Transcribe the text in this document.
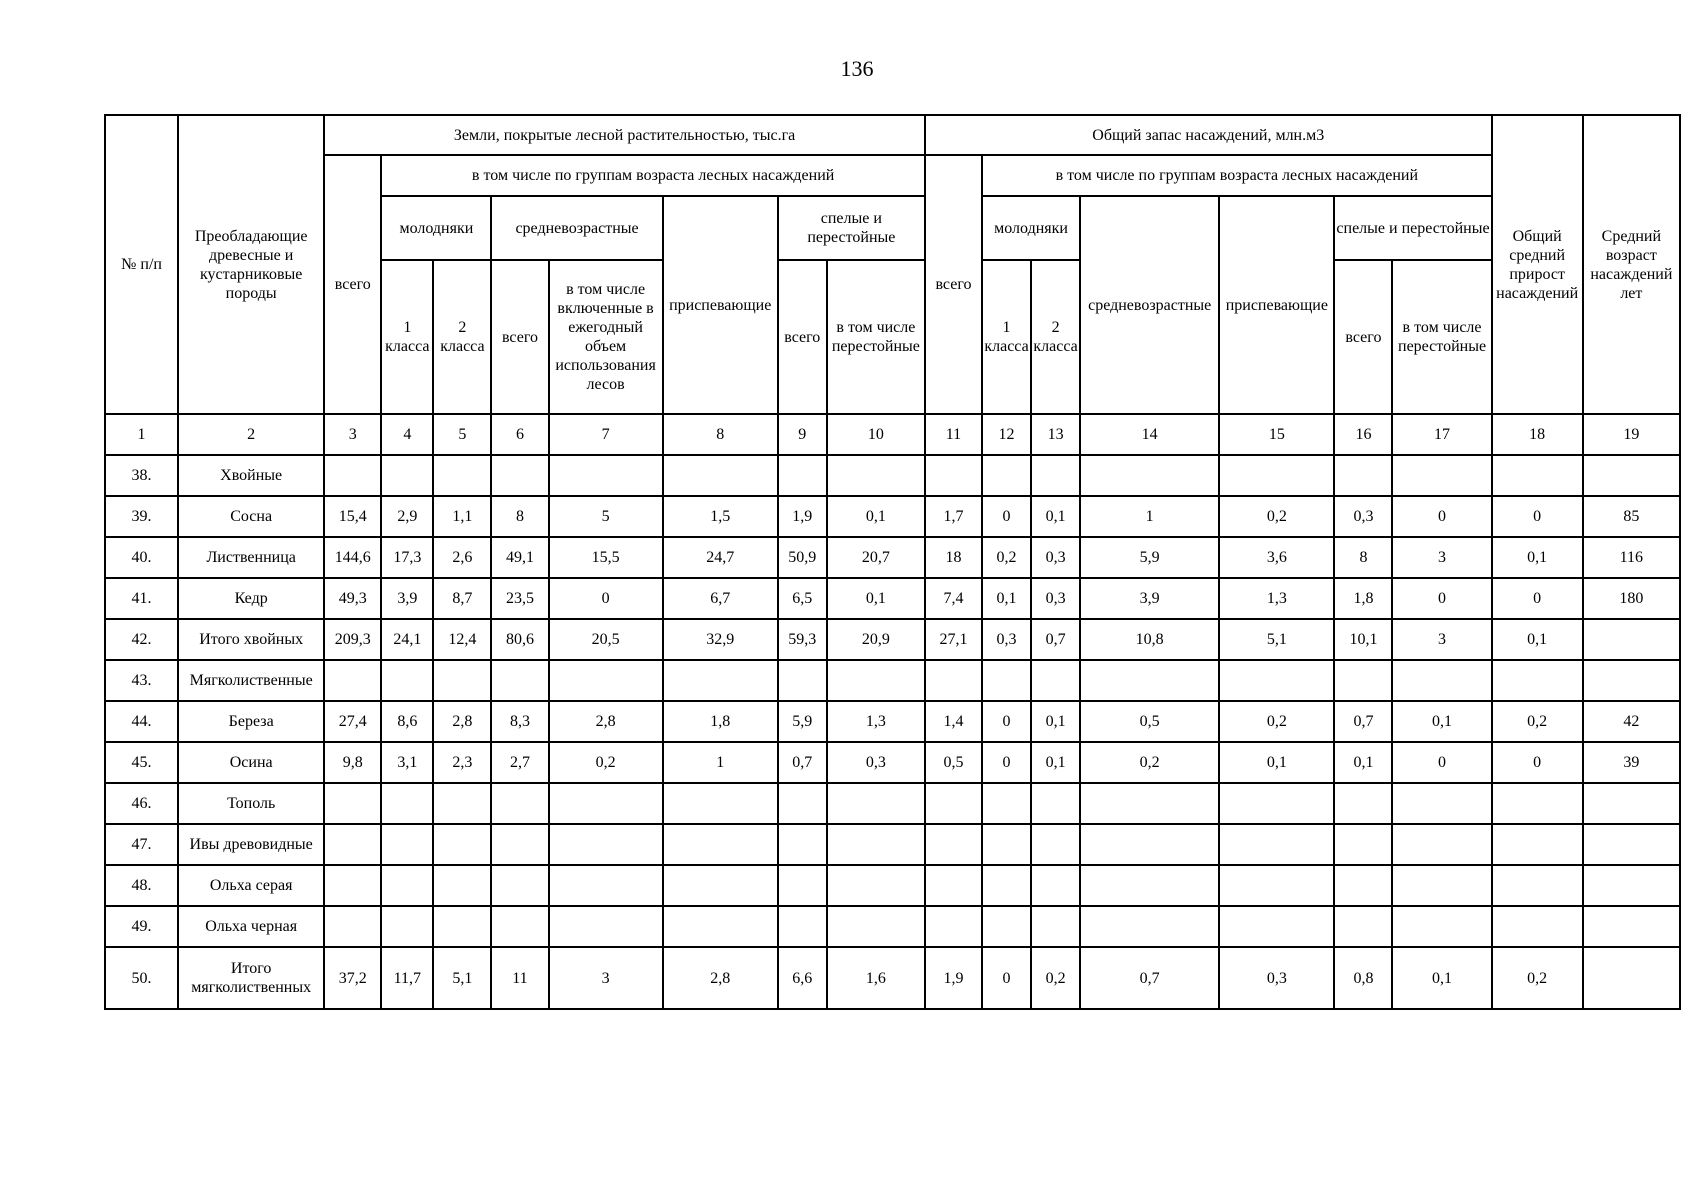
136
№ п/п	Преобладающие древесные и кустарниковые породы	Земли, покрытые лесной растительностью, тыс.га								Общий запас насаждений, млн.м3							Общий средний прирост насаждений	Средний возраст насаждений лет
		всего	в том числе по группам возраста лесных насаждений							всего	в том числе по группам возраста лесных насаждений							
			молодняки		средневозрастные		приспевающие	спелые и перестойные			молодняки		средневозрастные	приспевающие	спелые и перестойные			
			1 класса	2 класса	всего	в том числе включенные в ежегодный объем использования лесов		всего	в том числе перестойные		1 класса	2 класса			всего	в том числе перестойные		
1	2	3	4	5	6	7	8	9	10	11	12	13	14	15	16	17	18	19
38.	Хвойные																	
39.	Сосна	15,4	2,9	1,1	8	5	1,5	1,9	0,1	1,7	0	0,1	1	0,2	0,3	0	0	85
40.	Лиственница	144,6	17,3	2,6	49,1	15,5	24,7	50,9	20,7	18	0,2	0,3	5,9	3,6	8	3	0,1	116
41.	Кедр	49,3	3,9	8,7	23,5	0	6,7	6,5	0,1	7,4	0,1	0,3	3,9	1,3	1,8	0	0	180
42.	Итого хвойных	209,3	24,1	12,4	80,6	20,5	32,9	59,3	20,9	27,1	0,3	0,7	10,8	5,1	10,1	3	0,1	
43.	Мягколиственные																	
44.	Береза	27,4	8,6	2,8	8,3	2,8	1,8	5,9	1,3	1,4	0	0,1	0,5	0,2	0,7	0,1	0,2	42
45.	Осина	9,8	3,1	2,3	2,7	0,2	1	0,7	0,3	0,5	0	0,1	0,2	0,1	0,1	0	0	39
46.	Тополь																	
47.	Ивы древовидные																	
48.	Ольха серая																	
49.	Ольха черная																	
50.	Итого мягколиственных	37,2	11,7	5,1	11	3	2,8	6,6	1,6	1,9	0	0,2	0,7	0,3	0,8	0,1	0,2	
